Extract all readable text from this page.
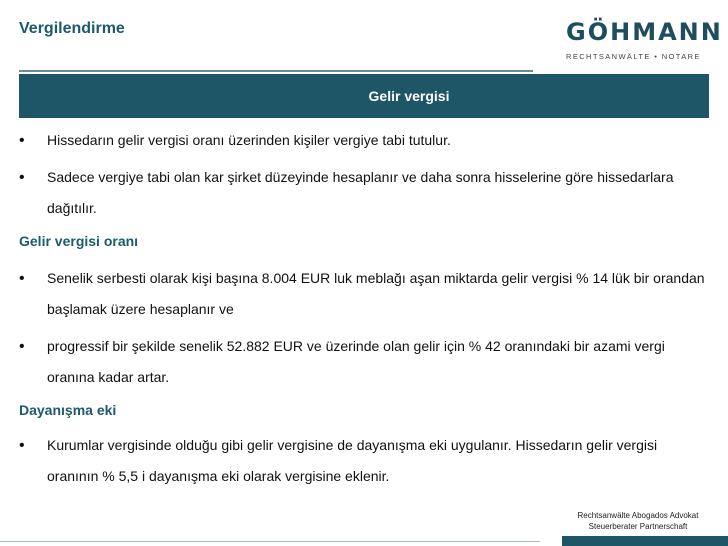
Vergilendirme	GÖHMANN
RECHTSANWÄLTE • NOTARE
Gelir vergisi
• Hissedarın gelir vergisi oranı üzerinden kişiler vergiye tabi tutulur.
• Sadece vergiye tabi olan kar şirket düzeyinde hesaplanır ve daha sonra hisselerine göre hissedarlara dağıtılır.
Gelir vergisi oranı
• Senelik serbesti olarak kişi başına 8.004 EUR luk meblağı aşan miktarda gelir vergisi % 14 lük bir orandan başlamak üzere hesaplanır ve
• progressif bir şekilde senelik 52.882 EUR ve üzerinde olan gelir için % 42 oranındaki bir azami vergi oranına kadar artar.
Dayanışma eki
• Kurumlar vergisinde olduğu gibi gelir vergisine de dayanışma eki uygulanır. Hissedarın gelir vergisi oranının % 5,5 i dayanışma eki olarak vergisine eklenir.
Rechtsanwälte Abogados Advokat
Steuerberater Partnerschaft
